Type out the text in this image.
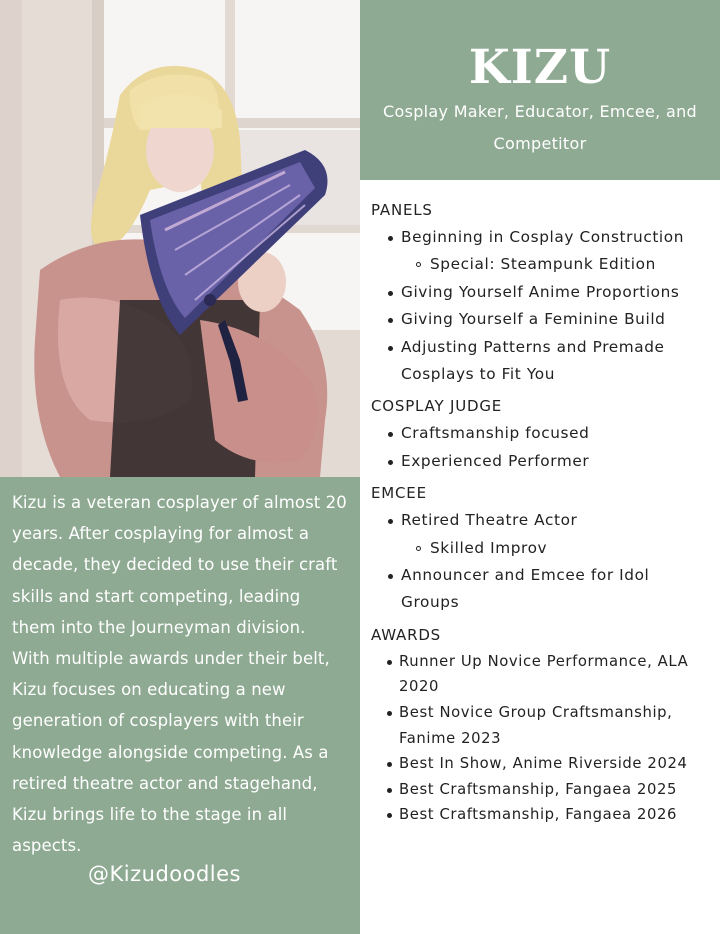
Kizu is a veteran cosplayer of almost 20 years. After cosplaying for almost a decade, they decided to use their craft skills and start competing, leading them into the Journeyman division. With multiple awards under their belt, Kizu focuses on educating a new generation of cosplayers with their knowledge alongside competing. As a retired theatre actor and stagehand, Kizu brings life to the stage in all aspects.

@Kizudoodles
KIZU
Cosplay Maker, Educator, Emcee, and Competitor
PANELS
Beginning in Cosplay Construction
Special: Steampunk Edition
Giving Yourself Anime Proportions
Giving Yourself a Feminine Build
Adjusting Patterns and Premade Cosplays to Fit You
COSPLAY JUDGE
Craftsmanship focused
Experienced Performer
EMCEE
Retired Theatre Actor
Skilled Improv
Announcer and Emcee for Idol Groups
AWARDS
Runner Up Novice Performance, ALA 2020
Best Novice Group Craftsmanship, Fanime 2023
Best In Show, Anime Riverside 2024
Best Craftsmanship, Fangaea 2025
Best Craftsmanship, Fangaea 2026
